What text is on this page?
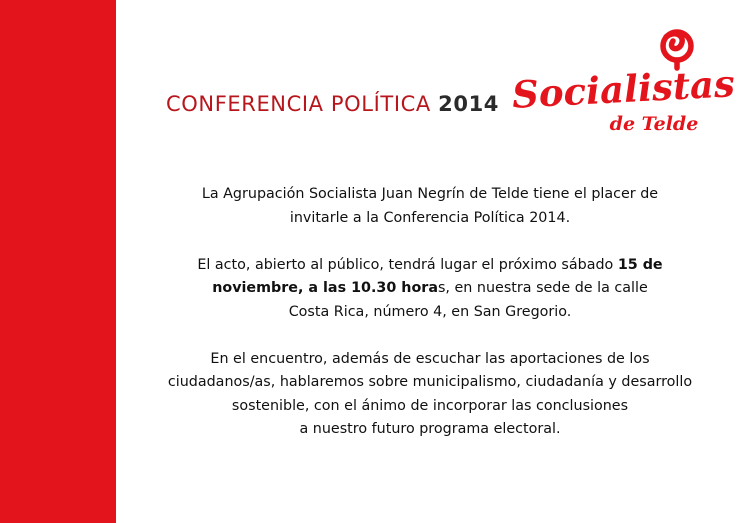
CONFERENCIA POLÍTICA 2014 Socialistas
de Telde

La Agrupación Socialista Juan Negrín de Telde tiene el placer de
invitarle a la Conferencia Política 2014.

El acto, abierto al público, tendrá lugar el próximo sábado 15 de
noviembre, a las 10.30 horas, en nuestra sede de la calle
Costa Rica, número 4, en San Gregorio.

En el encuentro, además de escuchar las aportaciones de los
ciudadanos/as, hablaremos sobre municipalismo, ciudadanía y desarrollo
sostenible, con el ánimo de incorporar las conclusiones
a nuestro futuro programa electoral.
